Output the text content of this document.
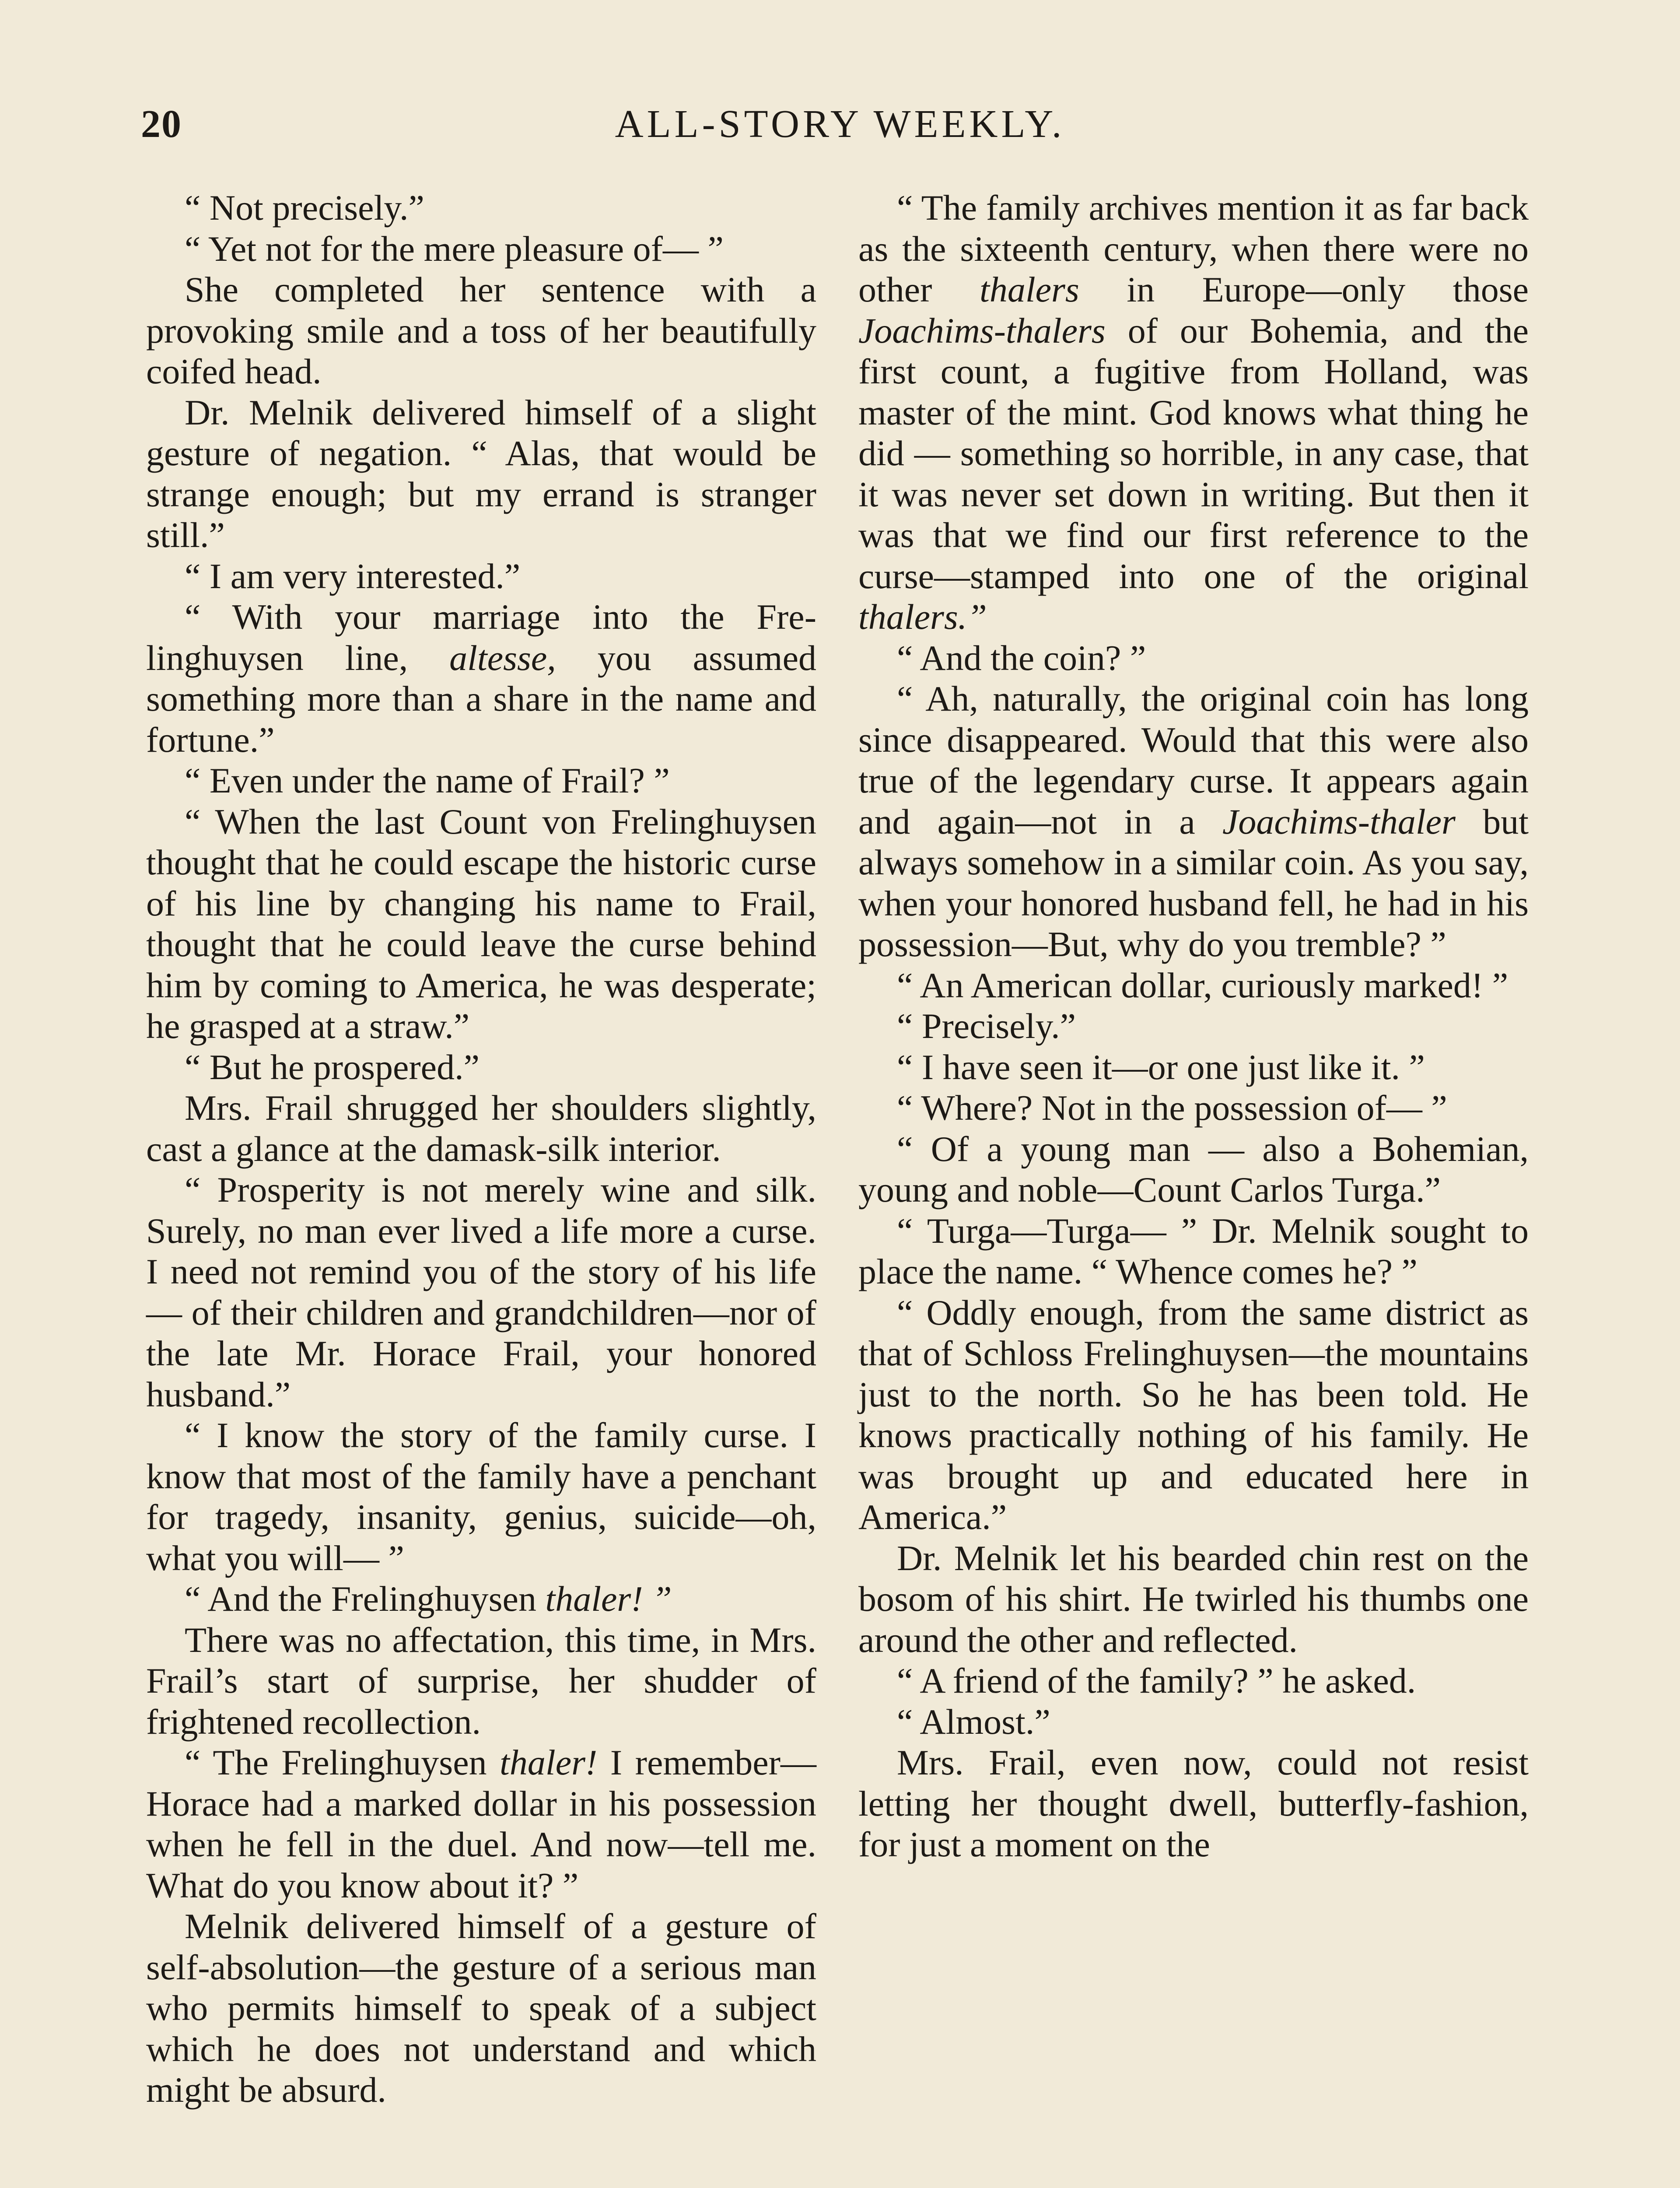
20	ALL-STORY WEEKLY.

“ Not precisely.”

“ Yet not for the mere pleasure of— ”

She completed her sentence with a provoking smile and a toss of her beautifully coifed head.

Dr. Melnik delivered himself of a slight gesture of negation. “ Alas, that would be strange enough; but my errand is stranger still.”

“ I am very interested.”

“ With your marriage into the Frelinghuysen line, altesse, you assumed something more than a share in the name and fortune.”

“ Even under the name of Frail? ”

“ When the last Count von Frelinghuysen thought that he could escape the historic curse of his line by changing his name to Frail, thought that he could leave the curse behind him by coming to America, he was desperate; he grasped at a straw.”

“ But he prospered.”

Mrs. Frail shrugged her shoulders slightly, cast a glance at the damask-silk interior.

“ Prosperity is not merely wine and silk. Surely, no man ever lived a life more a curse. I need not remind you of the story of his life — of their children and grandchildren—nor of the late Mr. Horace Frail, your honored husband.”

“ I know the story of the family curse. I know that most of the family have a penchant for tragedy, insanity, genius, suicide—oh, what you will— ”

“ And the Frelinghuysen thaler! ”

There was no affectation, this time, in Mrs. Frail’s start of surprise, her shudder of frightened recollection.

“ The Frelinghuysen thaler! I remember—Horace had a marked dollar in his possession when he fell in the duel. And now—tell me. What do you know about it? ”

Melnik delivered himself of a gesture of self-absolution—the gesture of a serious man who permits himself to speak of a subject which he does not understand and which might be absurd.

“ The family archives mention it as far back as the sixteenth century, when there were no other thalers in Europe—only those Joachims-thalers of our Bohemia, and the first count, a fugitive from Holland, was master of the mint. God knows what thing he did — something so horrible, in any case, that it was never set down in writing. But then it was that we find our first reference to the curse—stamped into one of the original thalers.”

“ And the coin? ”

“ Ah, naturally, the original coin has long since disappeared. Would that this were also true of the legendary curse. It appears again and again—not in a Joachims-thaler but always somehow in a similar coin. As you say, when your honored husband fell, he had in his possession—But, why do you tremble? ”

“ An American dollar, curiously marked! ”

“ Precisely.”

“ I have seen it—or one just like it. ”

“ Where? Not in the possession of— ”

“ Of a young man — also a Bohemian, young and noble—Count Carlos Turga.”

“ Turga—Turga— ” Dr. Melnik sought to place the name. “ Whence comes he? ”

“ Oddly enough, from the same district as that of Schloss Frelinghuysen—the mountains just to the north. So he has been told. He knows practically nothing of his family. He was brought up and educated here in America.”

Dr. Melnik let his bearded chin rest on the bosom of his shirt. He twirled his thumbs one around the other and reflected.

“ A friend of the family? ” he asked.

“ Almost.”

Mrs. Frail, even now, could not resist letting her thought dwell, butterfly-fashion, for just a moment on the
